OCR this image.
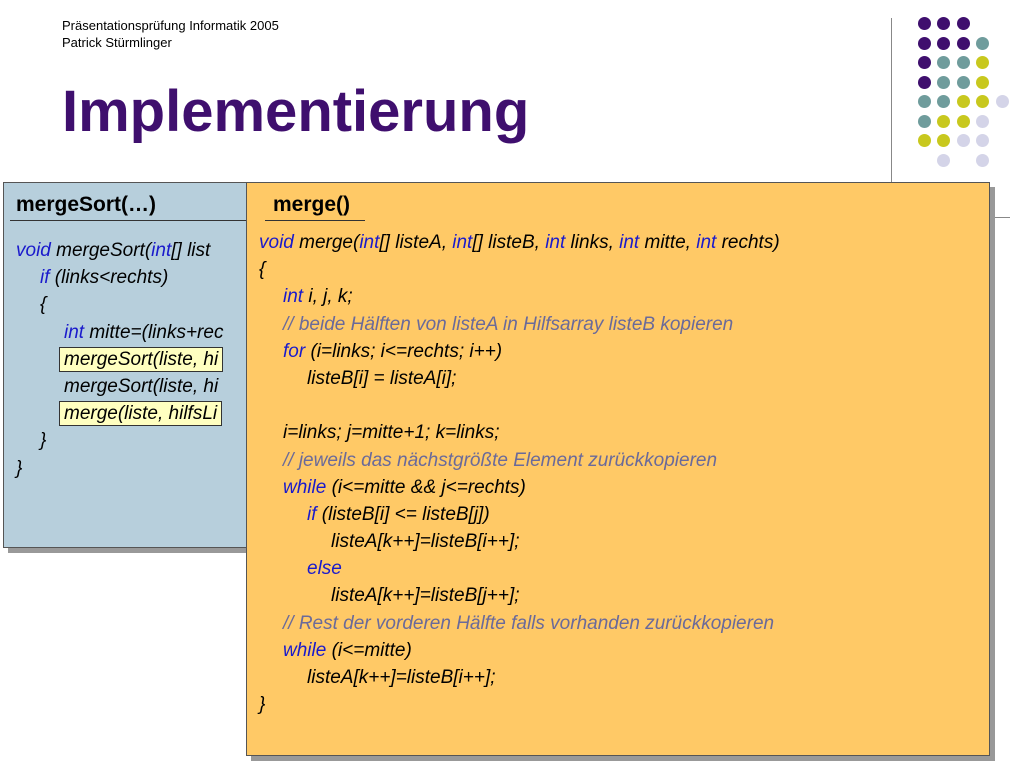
Präsentationsprüfung Informatik 2005
Patrick Stürmlinger
Implementierung
mergeSort(…)
void mergeSort(int[] list
if (links<rechts)
{
int mitte=(links+rec
mergeSort(liste, hi
mergeSort(liste, hi
merge(liste, hilfsLi
}
}
merge()
void merge(int[] listeA, int[] listeB, int links, int mitte, int rechts)
{
int i, j, k;
// beide Hälften von listeA in Hilfsarray listeB kopieren
for (i=links; i<=rechts; i++)
listeB[i] = listeA[i];

i=links; j=mitte+1; k=links;
// jeweils das nächstgrößte Element zurückkopieren
while (i<=mitte && j<=rechts)
if (listeB[i] <= listeB[j])
listeA[k++]=listeB[i++];
else
listeA[k++]=listeB[j++];
// Rest der vorderen Hälfte falls vorhanden zurückkopieren
while (i<=mitte)
listeA[k++]=listeB[i++];
}
